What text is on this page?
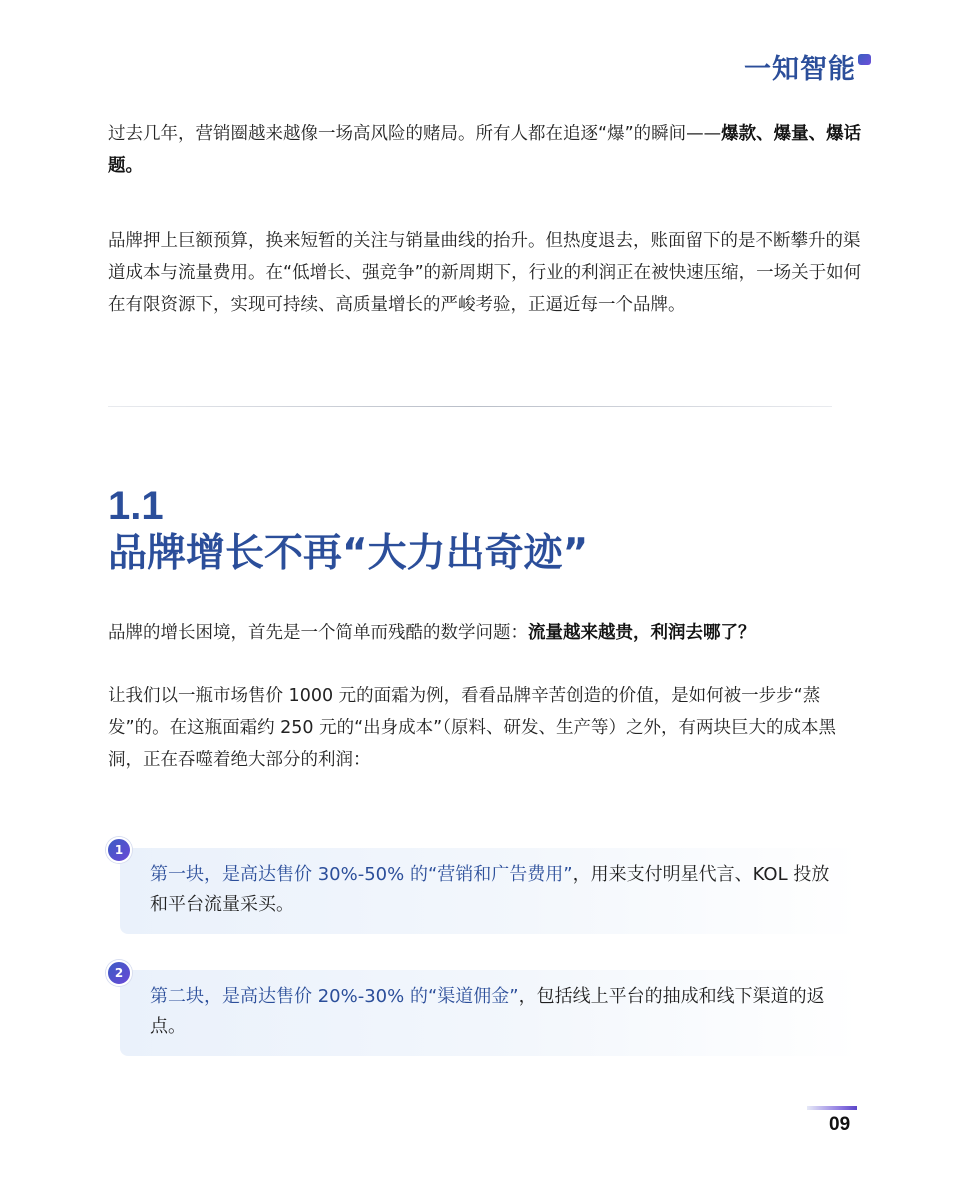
一知智能

过去几年，营销圈越来越像一场高风险的赌局。所有人都在追逐“爆”的瞬间——爆款、爆量、爆话题。

品牌押上巨额预算，换来短暂的关注与销量曲线的抬升。但热度退去，账面留下的是不断攀升的渠道成本与流量费用。在“低增长、强竞争”的新周期下，行业的利润正在被快速压缩，一场关于如何在有限资源下，实现可持续、高质量增长的严峻考验，正逼近每一个品牌。

1.1
品牌增长不再“大力出奇迹”

品牌的增长困境，首先是一个简单而残酷的数学问题：流量越来越贵，利润去哪了？

让我们以一瓶市场售价 1000 元的面霜为例，看看品牌辛苦创造的价值，是如何被一步步“蒸发”的。在这瓶面霜约 250 元的“出身成本”（原料、研发、生产等）之外，有两块巨大的成本黑洞，正在吞噬着绝大部分的利润：

第一块，是高达售价 30%-50% 的“营销和广告费用”，用来支付明星代言、KOL 投放和平台流量采买。
1
第二块，是高达售价 20%-30% 的“渠道佣金”，包括线上平台的抽成和线下渠道的返点。
2
09
